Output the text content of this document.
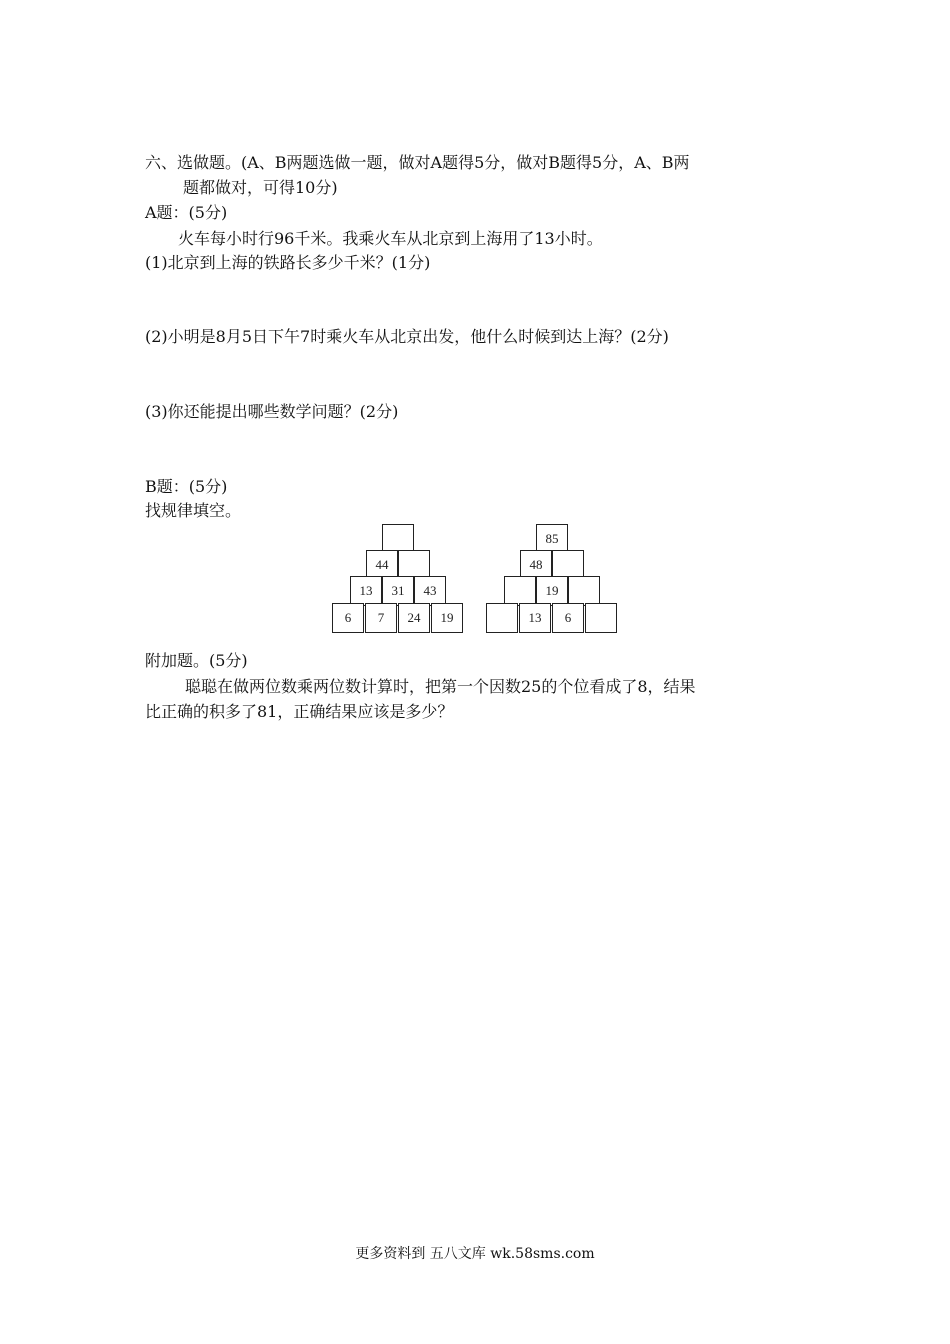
六、选做题。(A、B两题选做一题，做对A题得5分，做对B题得5分，A、B两
题都做对，可得10分)
A题：(5分)
火车每小时行96千米。我乘火车从北京到上海用了13小时。
(1)北京到上海的铁路长多少千米？(1分)
(2)小明是8月5日下午7时乘火车从北京出发，他什么时候到达上海？(2分)
(3)你还能提出哪些数学问题？(2分)
B题：(5分)
找规律填空。
44
13	31	43
6	7	24	19
85
48
19
13	6
附加题。(5分)
聪聪在做两位数乘两位数计算时，把第一个因数25的个位看成了8，结果
比正确的积多了81，正确结果应该是多少？
更多资料到 五八文库 wk.58sms.com
